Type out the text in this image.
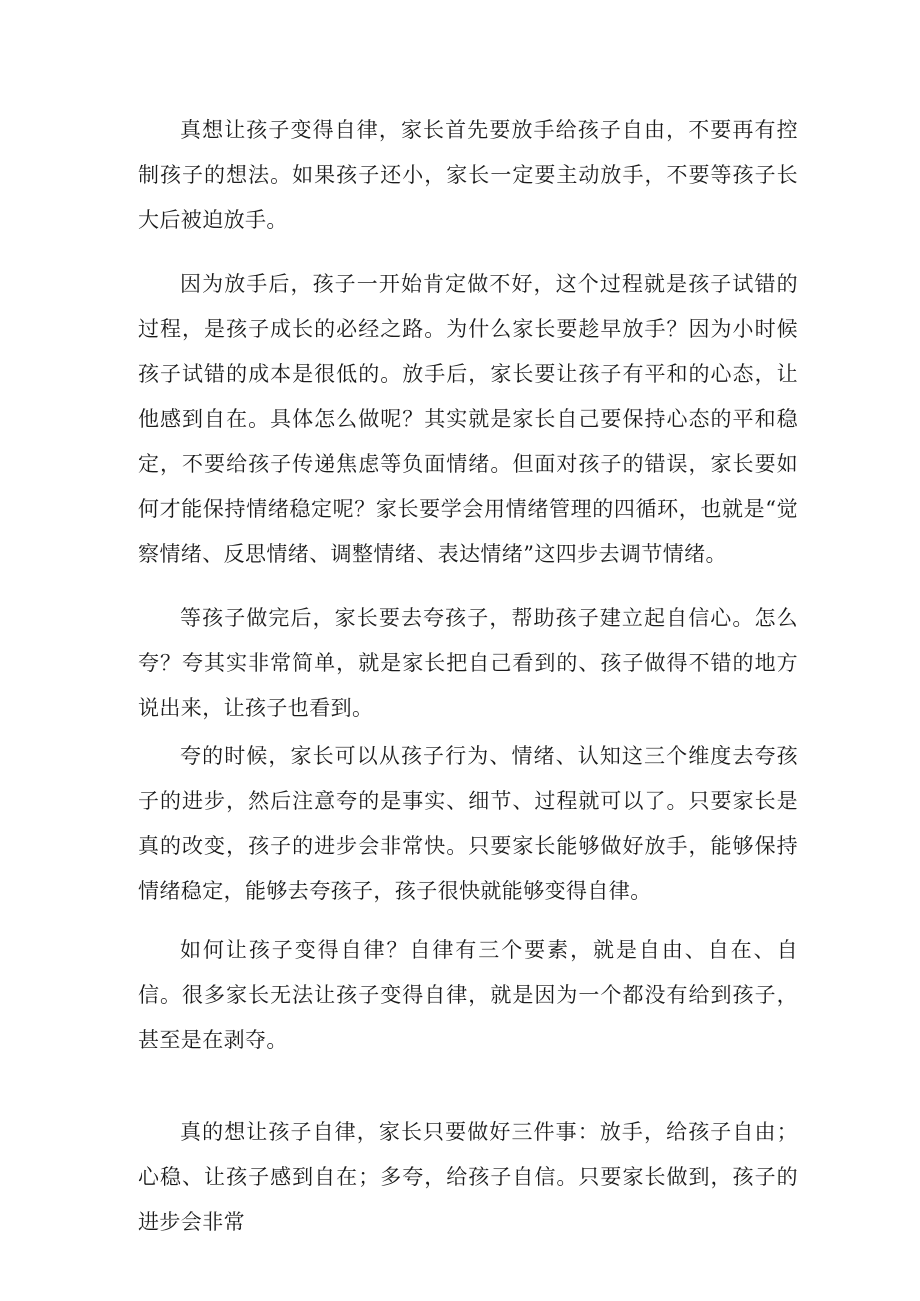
真想让孩子变得自律，家长首先要放手给孩子自由，不要再有控制孩子的想法。如果孩子还小，家长一定要主动放手，不要等孩子长大后被迫放手。

因为放手后，孩子一开始肯定做不好，这个过程就是孩子试错的过程，是孩子成长的必经之路。为什么家长要趁早放手？因为小时候孩子试错的成本是很低的。放手后，家长要让孩子有平和的心态，让他感到自在。具体怎么做呢？其实就是家长自己要保持心态的平和稳定，不要给孩子传递焦虑等负面情绪。但面对孩子的错误，家长要如何才能保持情绪稳定呢？家长要学会用情绪管理的四循环，也就是“觉察情绪、反思情绪、调整情绪、表达情绪”这四步去调节情绪。

等孩子做完后，家长要去夸孩子，帮助孩子建立起自信心。怎么夸？夸其实非常简单，就是家长把自己看到的、孩子做得不错的地方说出来，让孩子也看到。

夸的时候，家长可以从孩子行为、情绪、认知这三个维度去夸孩子的进步，然后注意夸的是事实、细节、过程就可以了。只要家长是真的改变，孩子的进步会非常快。只要家长能够做好放手，能够保持情绪稳定，能够去夸孩子，孩子很快就能够变得自律。

如何让孩子变得自律？自律有三个要素，就是自由、自在、自信。很多家长无法让孩子变得自律，就是因为一个都没有给到孩子，甚至是在剥夺。

真的想让孩子自律，家长只要做好三件事：放手，给孩子自由；心稳、让孩子感到自在；多夸，给孩子自信。只要家长做到，孩子的进步会非常
